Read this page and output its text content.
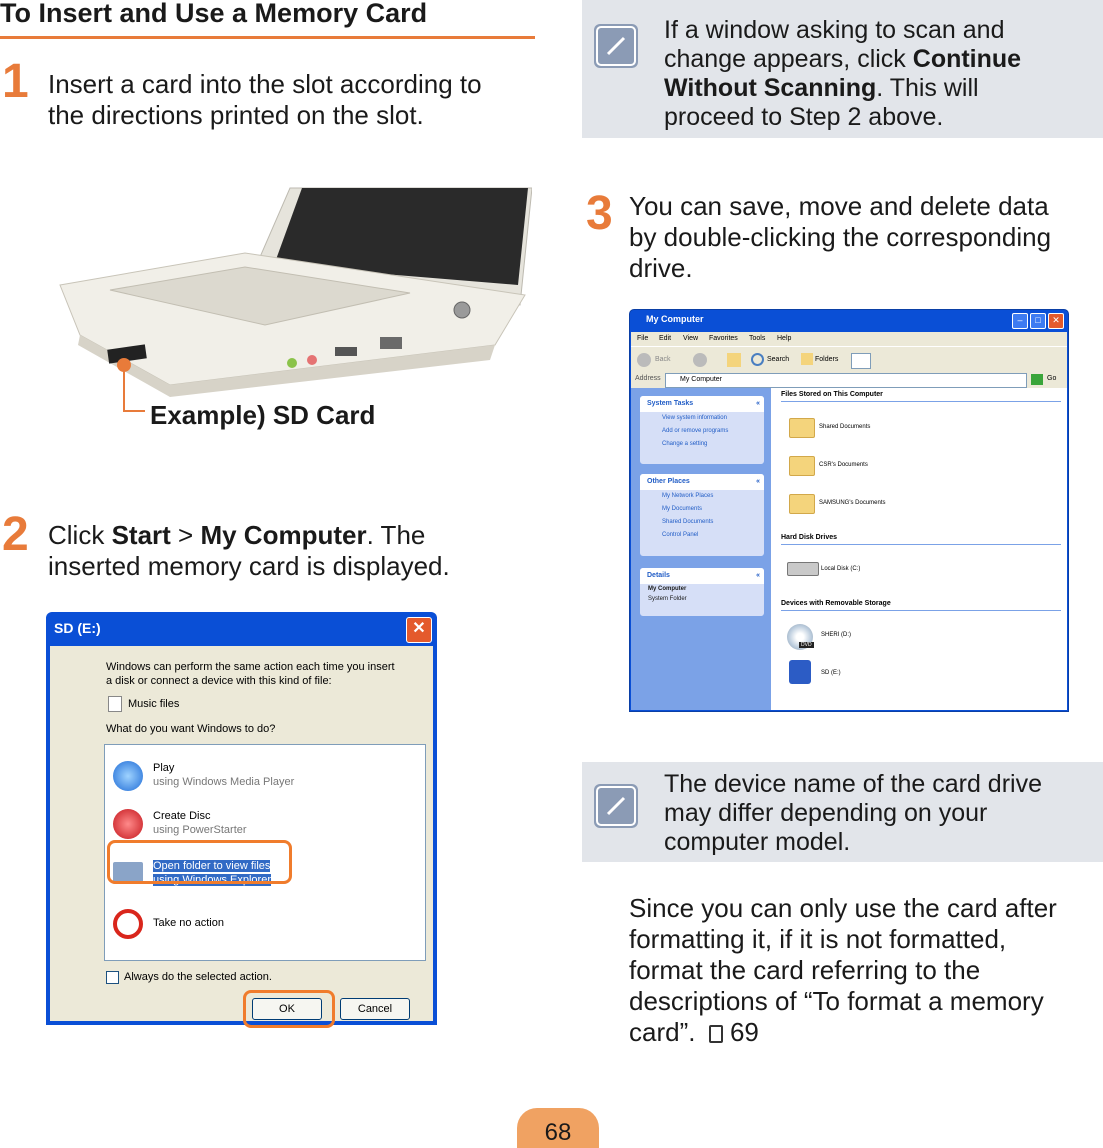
To Insert and Use a Memory Card
1 Insert a card into the slot according to
the directions printed on the slot.
Example) SD Card
2 Click Start > My Computer. The
inserted memory card is displayed.
SD (E:)	✕
Windows can perform the same action each time you insert
a disk or connect a device with this kind of file:
Music files
What do you want Windows to do?
Play
using Windows Media Player
Create Disc
using PowerStarter
Open folder to view files
using Windows Explorer
Take no action
Always do the selected action.
OK	Cancel
If a window asking to scan and
change appears, click Continue
Without Scanning. This will
proceed to Step 2 above.
3 You can save, move and delete data
by double-clicking the corresponding
drive.
My Computer	–	□	✕
File Edit View Favorites Tools Help
Back	Search	Folders
Address	My Computer	Go
System Tasks	«
View system information
Add or remove programs
Change a setting
Other Places	«
My Network Places
My Documents
Shared Documents
Control Panel
Details	«
My Computer
System Folder
Files Stored on This Computer
Shared Documents
CSR's Documents
SAMSUNG's Documents
Hard Disk Drives
Local Disk (C:)
Devices with Removable Storage
DVD
SHERI (D:)
SD (E:)
The device name of the card drive
may differ depending on your
computer model.
Since you can only use the card after
formatting it, if it is not formatted,
format the card referring to the
descriptions of “To format a memory
card”. 69
68
